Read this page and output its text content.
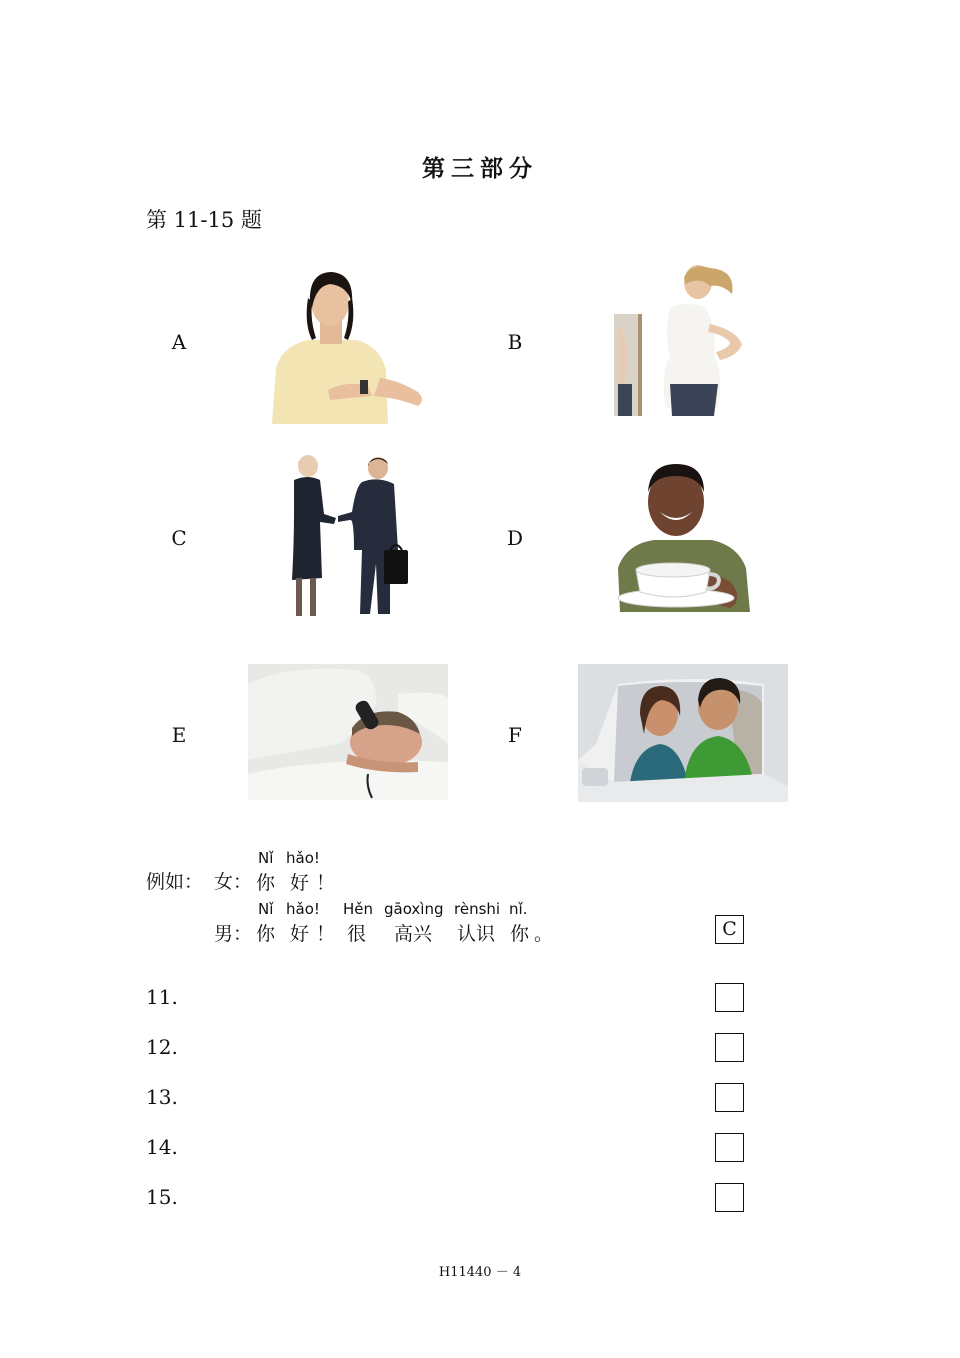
第三部分
第 11-15 题
A	B
C	D
E	F
例如： 女：
Nǐ hǎo!
你 好 ！
男：
Nǐ hǎo! Hěn gāoxìng rènshi nǐ.
你 好 ！ 很 高兴 认识 你 。	C
11.
12.
13.
14.
15.
H11440 － 4
